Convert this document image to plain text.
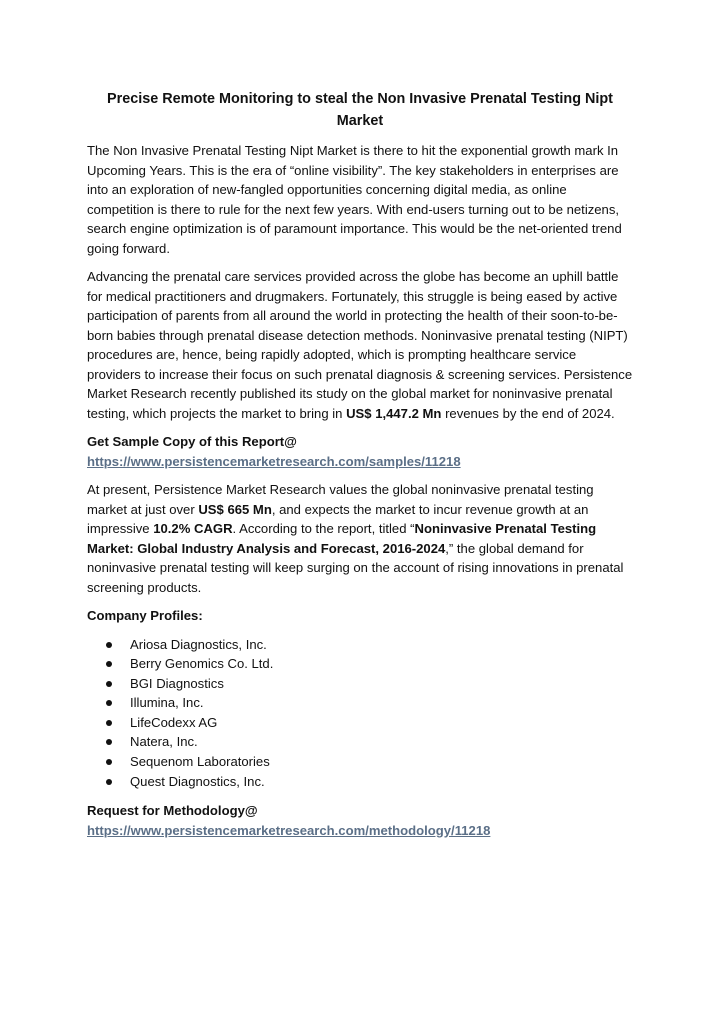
Precise Remote Monitoring to steal the Non Invasive Prenatal Testing Nipt Market

The Non Invasive Prenatal Testing Nipt Market is there to hit the exponential growth mark In Upcoming Years. This is the era of “online visibility”. The key stakeholders in enterprises are into an exploration of new-fangled opportunities concerning digital media, as online competition is there to rule for the next few years. With end-users turning out to be netizens, search engine optimization is of paramount importance. This would be the net-oriented trend going forward.

Advancing the prenatal care services provided across the globe has become an uphill battle for medical practitioners and drugmakers. Fortunately, this struggle is being eased by active participation of parents from all around the world in protecting the health of their soon-to-be-born babies through prenatal disease detection methods. Noninvasive prenatal testing (NIPT) procedures are, hence, being rapidly adopted, which is prompting healthcare service providers to increase their focus on such prenatal diagnosis & screening services. Persistence Market Research recently published its study on the global market for noninvasive prenatal testing, which projects the market to bring in US$ 1,447.2 Mn revenues by the end of 2024.

Get Sample Copy of this Report@ https://www.persistencemarketresearch.com/samples/11218

At present, Persistence Market Research values the global noninvasive prenatal testing market at just over US$ 665 Mn, and expects the market to incur revenue growth at an impressive 10.2% CAGR. According to the report, titled “Noninvasive Prenatal Testing Market: Global Industry Analysis and Forecast, 2016-2024,” the global demand for noninvasive prenatal testing will keep surging on the account of rising innovations in prenatal screening products.

Company Profiles:

Ariosa Diagnostics, Inc.
Berry Genomics Co. Ltd.
BGI Diagnostics
Illumina, Inc.
LifeCodexx AG
Natera, Inc.
Sequenom Laboratories
Quest Diagnostics, Inc.

Request for Methodology@ https://www.persistencemarketresearch.com/methodology/11218
